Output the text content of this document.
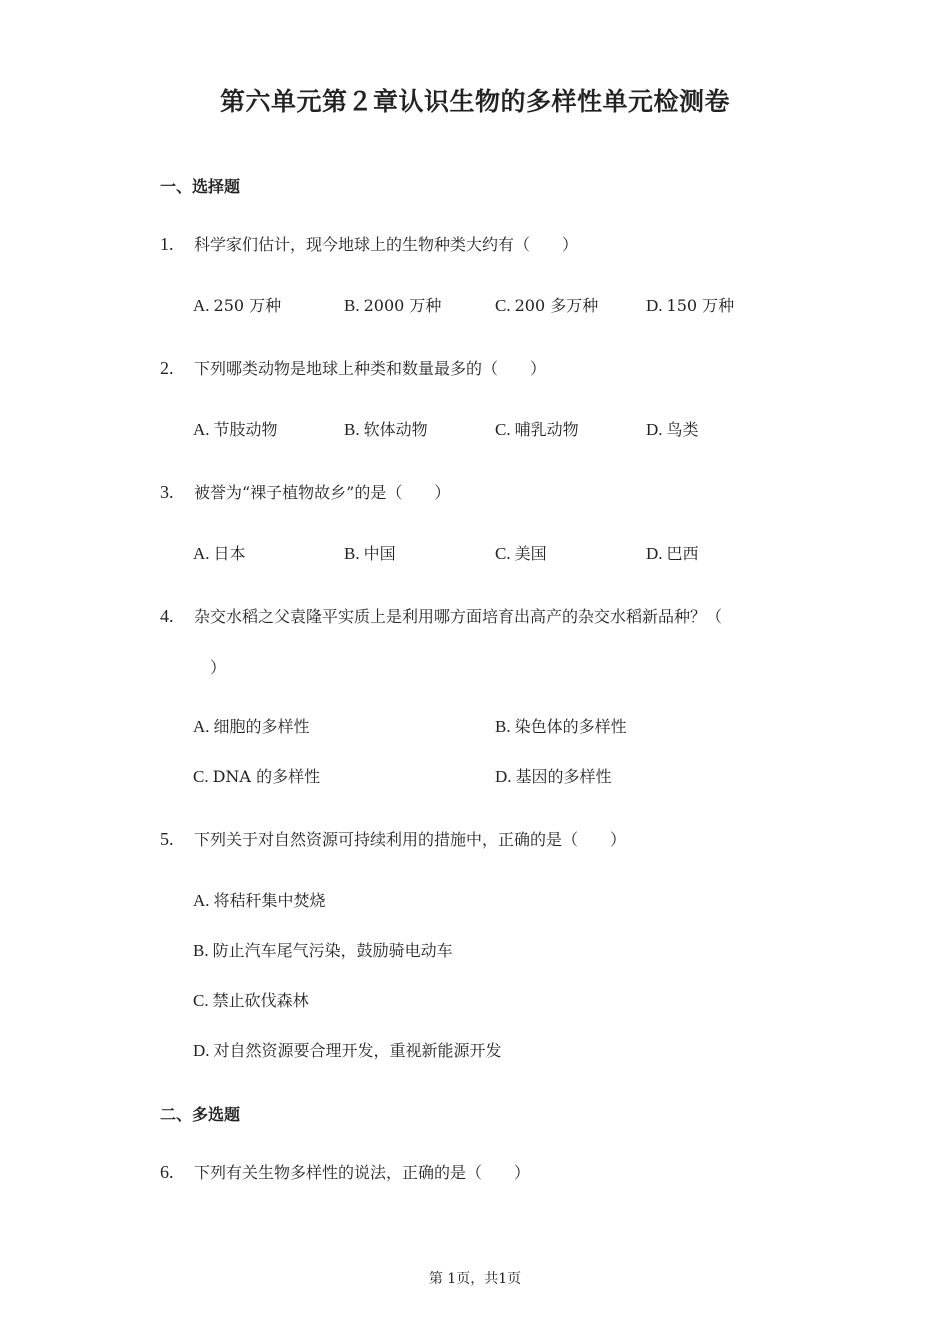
第六单元第２章认识生物的多样性单元检测卷
一、选择题
1. 科学家们估计，现今地球上的生物种类大约有（　　）
A. 250 万种	B. 2000 万种	C. 200 多万种	D. 150 万种
2. 下列哪类动物是地球上种类和数量最多的（　　）
A. 节肢动物	B. 软体动物	C. 哺乳动物	D. 鸟类
3. 被誉为“裸子植物故乡”的是（　　）
A. 日本	B. 中国	C. 美国	D. 巴西
4. 杂交水稻之父袁隆平实质上是利用哪方面培育出高产的杂交水稻新品种？（
）
A. 细胞的多样性	B. 染色体的多样性
C. DNA 的多样性	D. 基因的多样性
5. 下列关于对自然资源可持续利用的措施中，正确的是（　　）
A. 将秸秆集中焚烧
B. 防止汽车尾气污染，鼓励骑电动车
C. 禁止砍伐森林
D. 对自然资源要合理开发，重视新能源开发
二、多选题
6. 下列有关生物多样性的说法，正确的是（　　）
第 1页，共1页
